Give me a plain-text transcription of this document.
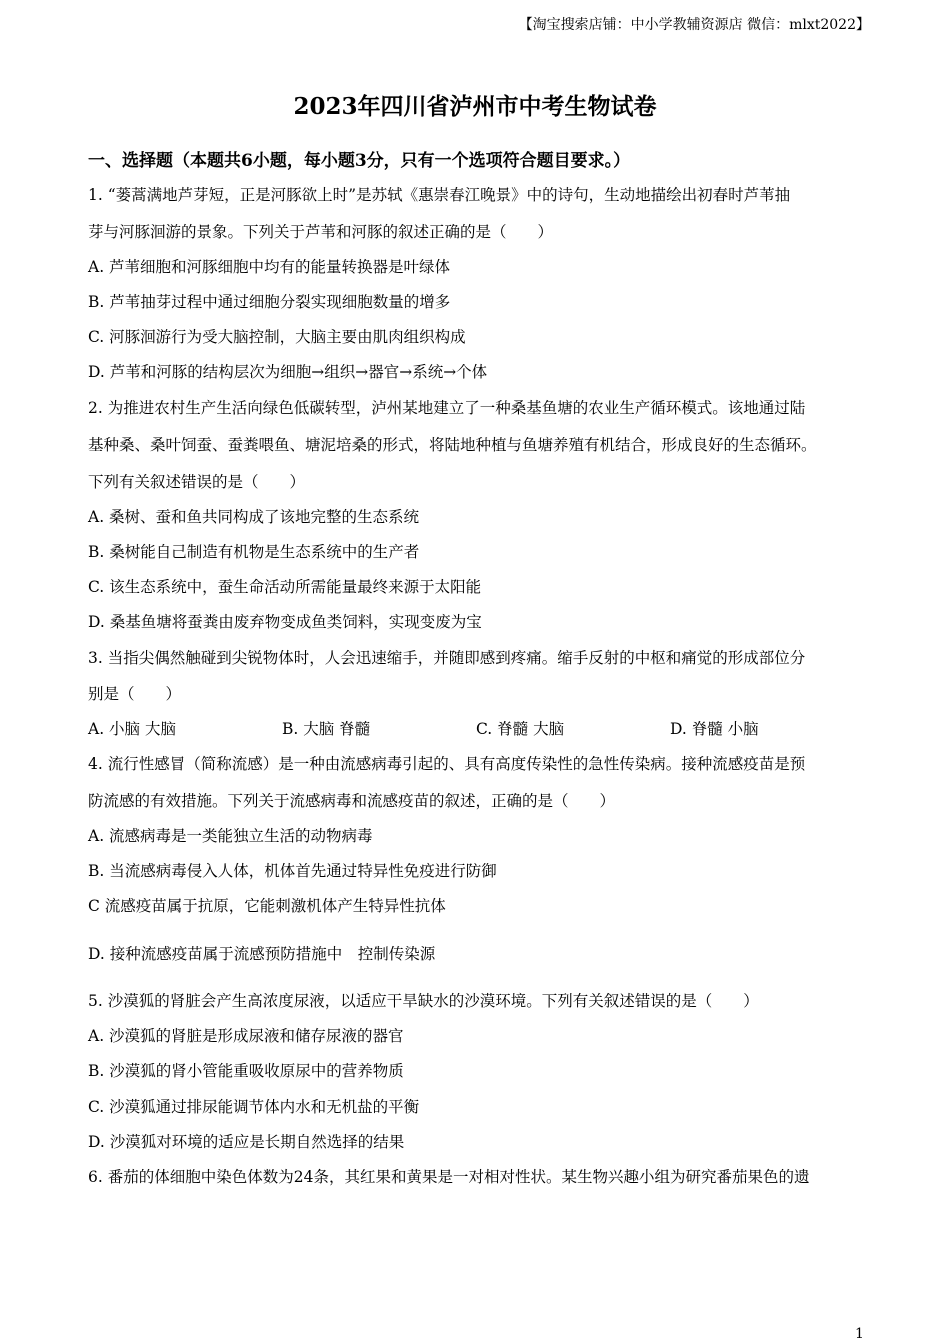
【淘宝搜索店铺：中小学教辅资源店 微信：mlxt2022】
2023年四川省泸州市中考生物试卷
一、选择题（本题共6小题，每小题3分，只有一个选项符合题目要求。）
1. “蒌蒿满地芦芽短，正是河豚欲上时”是苏轼《惠崇春江晚景》中的诗句，生动地描绘出初春时芦苇抽
芽与河豚洄游的景象。下列关于芦苇和河豚的叙述正确的是（　　）
A. 芦苇细胞和河豚细胞中均有的能量转换器是叶绿体
B. 芦苇抽芽过程中通过细胞分裂实现细胞数量的增多
C. 河豚洄游行为受大脑控制，大脑主要由肌肉组织构成
D. 芦苇和河豚的结构层次为细胞→组织→器官→系统→个体
2. 为推进农村生产生活向绿色低碳转型，泸州某地建立了一种桑基鱼塘的农业生产循环模式。该地通过陆
基种桑、桑叶饲蚕、蚕粪喂鱼、塘泥培桑的形式，将陆地种植与鱼塘养殖有机结合，形成良好的生态循环。
下列有关叙述错误的是（　　）
A. 桑树、蚕和鱼共同构成了该地完整的生态系统
B. 桑树能自己制造有机物是生态系统中的生产者
C. 该生态系统中，蚕生命活动所需能量最终来源于太阳能
D. 桑基鱼塘将蚕粪由废弃物变成鱼类饲料，实现变废为宝
3. 当指尖偶然触碰到尖锐物体时，人会迅速缩手，并随即感到疼痛。缩手反射的中枢和痛觉的形成部位分
别是（　　）
A. 小脑 大脑	B. 大脑 脊髓	C. 脊髓 大脑	D. 脊髓 小脑
4. 流行性感冒（简称流感）是一种由流感病毒引起的、具有高度传染性的急性传染病。接种流感疫苗是预
防流感的有效措施。下列关于流感病毒和流感疫苗的叙述，正确的是（　　）
A. 流感病毒是一类能独立生活的动物病毒
B. 当流感病毒侵入人体，机体首先通过特异性免疫进行防御
C 流感疫苗属于抗原，它能刺激机体产生特异性抗体
D. 接种流感疫苗属于流感预防措施中　控制传染源
5. 沙漠狐的肾脏会产生高浓度尿液，以适应干旱缺水的沙漠环境。下列有关叙述错误的是（　　）
A. 沙漠狐的肾脏是形成尿液和储存尿液的器官
B. 沙漠狐的肾小管能重吸收原尿中的营养物质
C. 沙漠狐通过排尿能调节体内水和无机盐的平衡
D. 沙漠狐对环境的适应是长期自然选择的结果
6. 番茄的体细胞中染色体数为24条，其红果和黄果是一对相对性状。某生物兴趣小组为研究番茄果色的遗
1
